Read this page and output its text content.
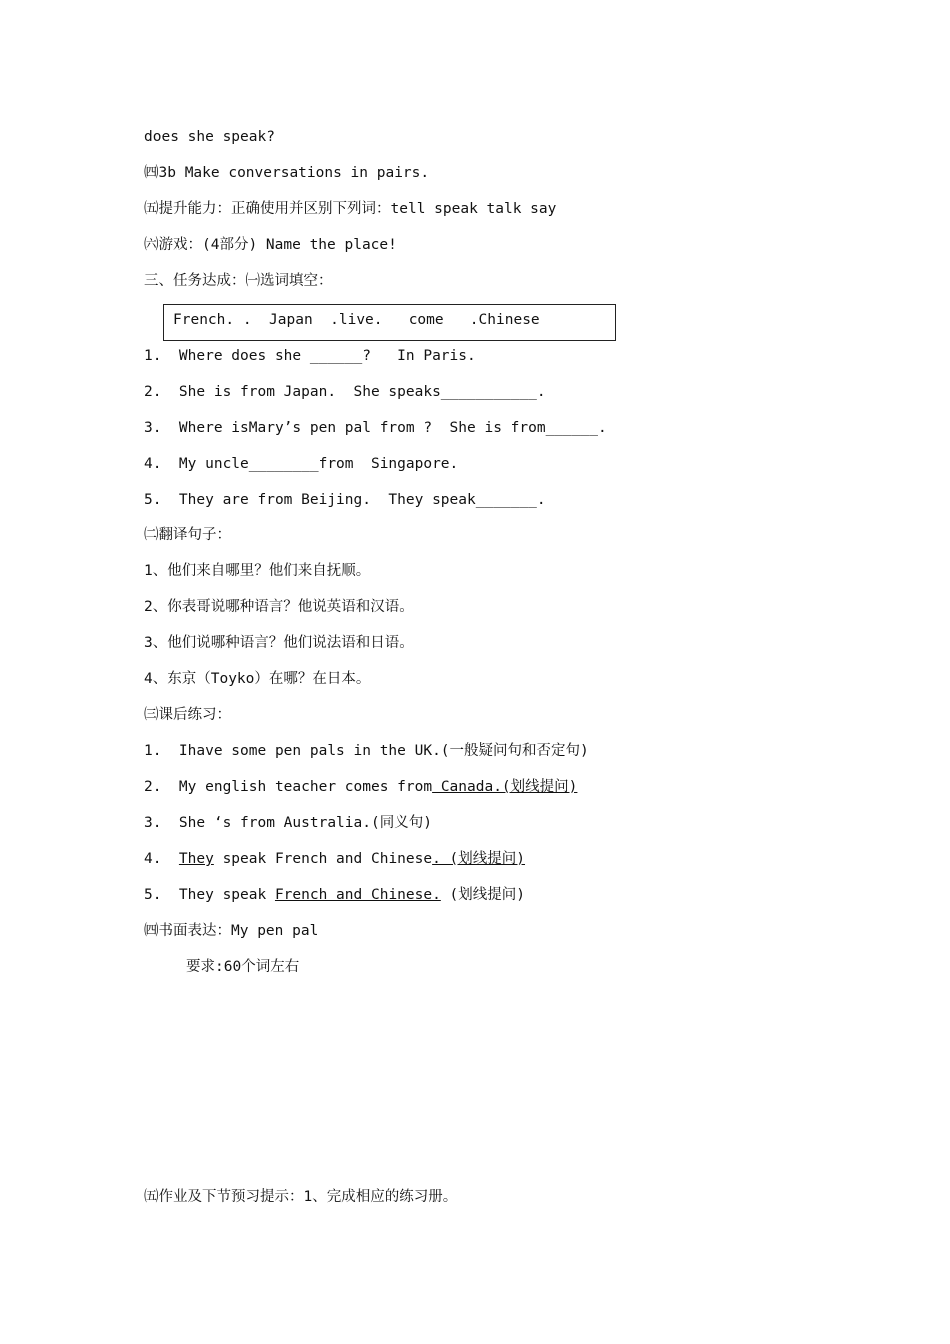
does she speak?
㈣3b Make conversations in pairs.
㈤提升能力：正确使用并区别下列词：tell speak talk say
㈥游戏：(4部分) Name the place!
三、任务达成：㈠选词填空：
French. .  Japan  .live.   come   .Chinese
1.  Where does she ______?   In Paris.
2.  She is from Japan.  She speaks___________.
3.  Where isMary’s pen pal from ?  She is from______.
4.  My uncle________from  Singapore.
5.  They are from Beijing.  They speak_______.
㈡翻译句子：
1、他们来自哪里？他们来自抚顺。
2、你表哥说哪种语言？他说英语和汉语。
3、他们说哪种语言？他们说法语和日语。
4、东京（Toyko）在哪？在日本。
㈢课后练习：
1.  Ihave some pen pals in the UK.(一般疑问句和否定句)
2.  My english teacher comes from Canada.(划线提问)
3.  She ‘s from Australia.(同义句)
4.  They speak French and Chinese. (划线提问)
5.  They speak French and Chinese. (划线提问)
㈣书面表达：My pen pal
要求:60个词左右
㈤作业及下节预习提示：1、完成相应的练习册。
